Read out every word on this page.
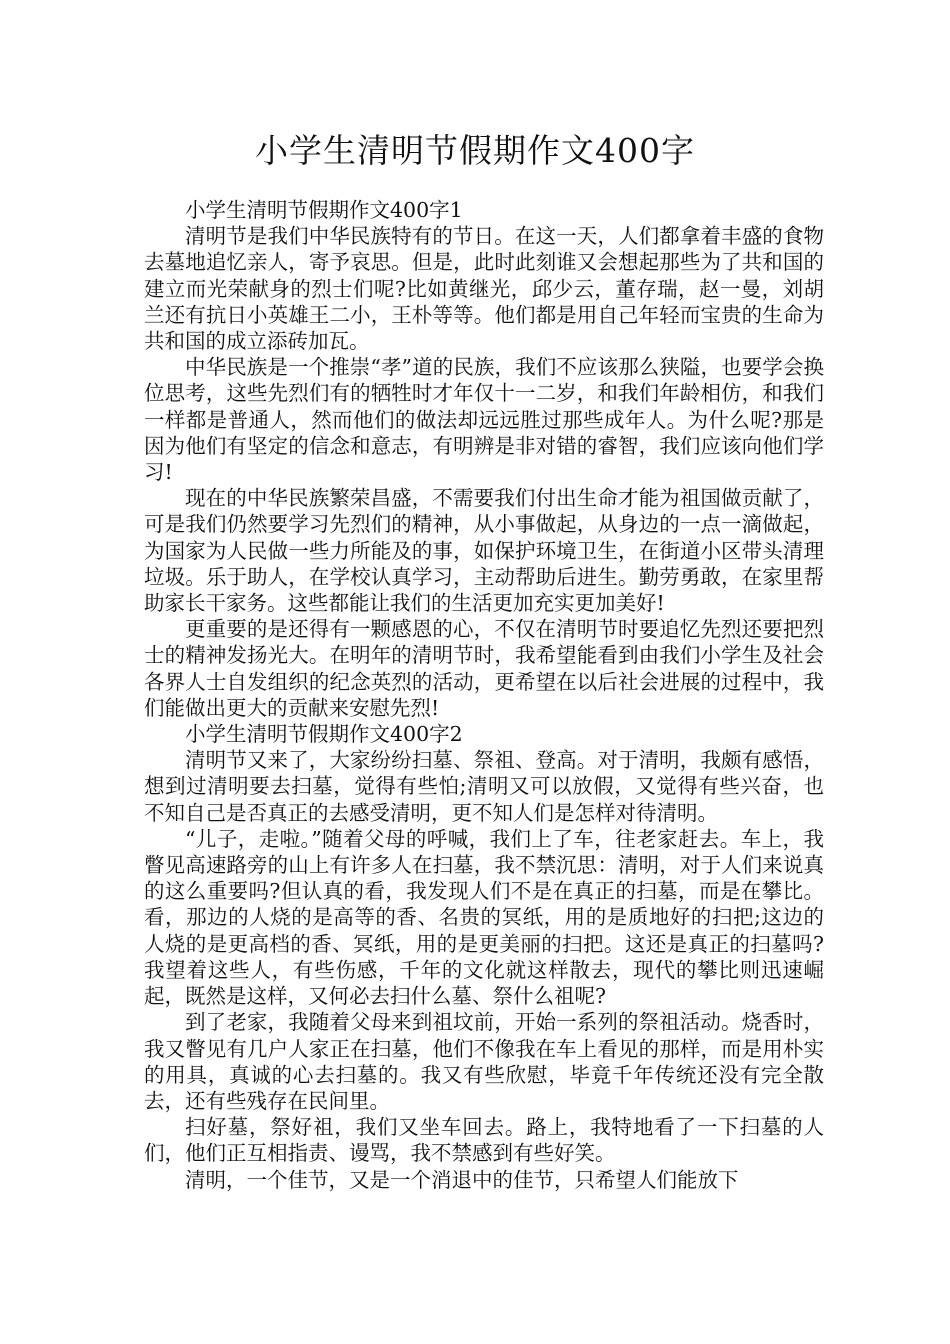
小学生清明节假期作文400字

小学生清明节假期作文400字1

清明节是我们中华民族特有的节日。在这一天，人们都拿着丰盛的食物去墓地追忆亲人，寄予哀思。但是，此时此刻谁又会想起那些为了共和国的建立而光荣献身的烈士们呢?比如黄继光，邱少云，董存瑞，赵一曼，刘胡兰还有抗日小英雄王二小，王朴等等。他们都是用自己年轻而宝贵的生命为共和国的成立添砖加瓦。

中华民族是一个推崇“孝”道的民族，我们不应该那么狭隘，也要学会换位思考，这些先烈们有的牺牲时才年仅十一二岁，和我们年龄相仿，和我们一样都是普通人，然而他们的做法却远远胜过那些成年人。为什么呢?那是因为他们有坚定的信念和意志，有明辨是非对错的睿智，我们应该向他们学习!

现在的中华民族繁荣昌盛，不需要我们付出生命才能为祖国做贡献了，可是我们仍然要学习先烈们的精神，从小事做起，从身边的一点一滴做起，为国家为人民做一些力所能及的事，如保护环境卫生，在街道小区带头清理垃圾。乐于助人，在学校认真学习，主动帮助后进生。勤劳勇敢，在家里帮助家长干家务。这些都能让我们的生活更加充实更加美好!

更重要的是还得有一颗感恩的心，不仅在清明节时要追忆先烈还要把烈士的精神发扬光大。在明年的清明节时，我希望能看到由我们小学生及社会各界人士自发组织的纪念英烈的活动，更希望在以后社会进展的过程中，我们能做出更大的贡献来安慰先烈!

小学生清明节假期作文400字2

清明节又来了，大家纷纷扫墓、祭祖、登高。对于清明，我颇有感悟，想到过清明要去扫墓，觉得有些怕;清明又可以放假，又觉得有些兴奋，也不知自己是否真正的去感受清明，更不知人们是怎样对待清明。

“儿子，走啦。”随着父母的呼喊，我们上了车，往老家赶去。车上，我瞥见高速路旁的山上有许多人在扫墓，我不禁沉思：清明，对于人们来说真的这么重要吗?但认真的看，我发现人们不是在真正的扫墓，而是在攀比。看，那边的人烧的是高等的香、名贵的冥纸，用的是质地好的扫把;这边的人烧的是更高档的香、冥纸，用的是更美丽的扫把。这还是真正的扫墓吗?我望着这些人，有些伤感，千年的文化就这样散去，现代的攀比则迅速崛起，既然是这样，又何必去扫什么墓、祭什么祖呢?

到了老家，我随着父母来到祖坟前，开始一系列的祭祖活动。烧香时，我又瞥见有几户人家正在扫墓，他们不像我在车上看见的那样，而是用朴实的用具，真诚的心去扫墓的。我又有些欣慰，毕竟千年传统还没有完全散去，还有些残存在民间里。

扫好墓，祭好祖，我们又坐车回去。路上，我特地看了一下扫墓的人们，他们正互相指责、谩骂，我不禁感到有些好笑。

清明，一个佳节，又是一个消退中的佳节，只希望人们能放下
